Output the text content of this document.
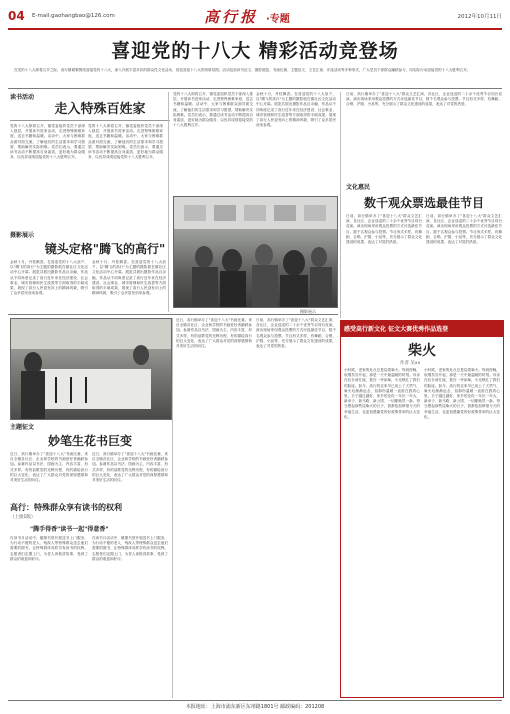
04 E-mail:gaohangbao@126.com	高行报 ·专题	2012年10月11日
喜迎党的十八大 精彩活动竞登场
在党的十八大即将召开之际，高行镇紧紧围绕迎接党的十八大，深入开展丰富多彩的群众性文化活动，营造喜迎十八大的浓厚氛围。活动包括读书征文、摄影展览、书画比赛、主题征文、文艺汇演、评选活动等多种形式，广大党员干部群众踊跃参与，用实际行动迎接党的十八大胜利召开。
读书活动
走入特殊百姓家
党的十八大即将召开，镇党委组织党员干部深入基层，开展读书进家活动，走进特殊困难家庭，送去书籍和温暖。活动中，大家与困难群众面对面交流，了解他们的生活需求和学习愿望，帮助解决实际困难。党员们表示，要通过读书活动不断提高自身素质，更好地为群众服务，以优异成绩迎接党的十八大胜利召开。
党的十八大即将召开，镇党委组织党员干部深入基层，开展读书进家活动，走进特殊困难家庭，送去书籍和温暖。活动中，大家与困难群众面对面交流，了解他们的生活需求和学习愿望，帮助解决实际困难。党员们表示，要通过读书活动不断提高自身素质，更好地为群众服务，以优异成绩迎接党的十八大胜利召开。
摄影展示
镜头定格"腾飞的高行"
金秋十月，丹桂飘香。在喜迎党的十八大前夕，以"腾飞的高行"为主题的摄影展在镇社区文化活动中心开幕。展览共展出摄影作品百余幅，作品从不同角度记录了高行近年来在经济建设、社会事业、城市管理和民生改善等方面取得的丰硕成果，展现了高行人民奋发向上的精神风貌，吸引了众多居民前来参观。
金秋十月，丹桂飘香。在喜迎党的十八大前夕，以"腾飞的高行"为主题的摄影展在镇社区文化活动中心开幕。展览共展出摄影作品百余幅，作品从不同角度记录了高行近年来在经济建设、社会事业、城市管理和民生改善等方面取得的丰硕成果，展现了高行人民奋发向上的精神风貌，吸引了众多居民前来参观。
党的十八大即将召开，镇党委组织党员干部深入基层，开展读书进家活动，走进特殊困难家庭，送去书籍和温暖。活动中，大家与困难群众面对面交流，了解他们的生活需求和学习愿望，帮助解决实际困难。党员们表示，要通过读书活动不断提高自身素质，更好地为群众服务，以优异成绩迎接党的十八大胜利召开。
金秋十月，丹桂飘香。在喜迎党的十八大前夕，以"腾飞的高行"为主题的摄影展在镇社区文化活动中心开幕。展览共展出摄影作品百余幅，作品从不同角度记录了高行近年来在经济建设、社会事业、城市管理和民生改善等方面取得的丰硕成果，展现了高行人民奋发向上的精神风貌，吸引了众多居民前来参观。
摄影展示
主题征文
妙笔生花书巨变
近日，高行镇举办了"喜迎十八大"书画比赛，来自全镇各社区、企业和学校的书画爱好者踊跃参加。参赛作品以书法、国画为主，内容丰富，形式多样，有的讴歌党的光辉历程，有的描绘高行的巨大变化，表达了广大群众对党的深厚感情和对美好生活的向往。
近日，高行镇举办了"喜迎十八大"书画比赛，来自全镇各社区、企业和学校的书画爱好者踊跃参加。参赛作品以书法、国画为主，内容丰富，形式多样，有的讴歌党的光辉历程，有的描绘高行的巨大变化，表达了广大群众对党的深厚感情和对美好生活的向往。
高行：特殊群众享有读书的权利
（上接1版）
"腾手得香"读书一起"得意香"
在读书月活动中，镇图书馆开展送书上门服务，为行动不便的老人、残疾人等特殊群众送去他们需要的图书，让特殊群体同样享有读书的权利。志愿者们定期上门，为老人读报讲故事，受到了群众的欢迎和好评。
在读书月活动中，镇图书馆开展送书上门服务，为行动不便的老人、残疾人等特殊群众送去他们需要的图书，让特殊群体同样享有读书的权利。志愿者们定期上门，为老人读报讲故事，受到了群众的欢迎和好评。
近日，高行镇举办了"喜迎十八大"书画比赛，来自全镇各社区、企业和学校的书画爱好者踊跃参加。参赛作品以书法、国画为主，内容丰富，形式多样，有的讴歌党的光辉历程，有的描绘高行的巨大变化，表达了广大群众对党的深厚感情和对美好生活的向往。
日前，高行镇举办了"喜迎十八大"群众文艺汇演，各社区、企业选送的二十余个优秀节目同台竞演。演出现场采用观众投票的方式评选最佳节目，数千名观众参与投票。节目形式多样，有舞蹈、合唱、沪剧、小品等，充分展示了群众文化建设的成果，表达了对党的热爱。
文化惠民
数千观众票选最佳节目
日前，高行镇举办了"喜迎十八大"群众文艺汇演，各社区、企业选送的二十余个优秀节目同台竞演。演出现场采用观众投票的方式评选最佳节目，数千名观众参与投票。节目形式多样，有舞蹈、合唱、沪剧、小品等，充分展示了群众文化建设的成果，表达了对党的热爱。
日前，高行镇举办了"喜迎十八大"群众文艺汇演，各社区、企业选送的二十余个优秀节目同台竞演。演出现场采用观众投票的方式评选最佳节目，数千名观众参与投票。节目形式多样，有舞蹈、合唱、沪剧、小品等，充分展示了群众文化建设的成果，表达了对党的热爱。
日前，高行镇举办了"喜迎十八大"群众文艺汇演，各社区、企业选送的二十余个优秀节目同台竞演。演出现场采用观众投票的方式评选最佳节目，数千名观众参与投票。节目形式多样，有舞蹈、合唱、沪剧、小品等，充分展示了群众文化建设的成果，表达了对党的热爱。
感受高行新文化 征文大赛优秀作品选登
柴火
作者 吴xx
小时候，老家的灶台总是烧着柴火。每到傍晚，炊烟袅袅升起，那是一天中最温暖的时刻。母亲在灶台前忙碌，我在一旁添柴，火光映红了我们的脸庞。如今，高行的农家早已用上了天然气，柴火灶渐渐远去，但那份温暖一直留在我的心里。日子越过越好，家乡的变化一年比一年大，新房子、新马路、新公园，一切都焕然一新。每当想起那些烧柴火的日子，我都倍加珍惜今天的幸福生活，也更加感谢党的好政策带来的巨大变化。
小时候，老家的灶台总是烧着柴火。每到傍晚，炊烟袅袅升起，那是一天中最温暖的时刻。母亲在灶台前忙碌，我在一旁添柴，火光映红了我们的脸庞。如今，高行的农家早已用上了天然气，柴火灶渐渐远去，但那份温暖一直留在我的心里。日子越过越好，家乡的变化一年比一年大，新房子、新马路、新公园，一切都焕然一新。每当想起那些烧柴火的日子，我都倍加珍惜今天的幸福生活，也更加感谢党的好政策带来的巨大变化。
本报地址：上海市浦东新区东靖路1801号 邮政编码：201208
